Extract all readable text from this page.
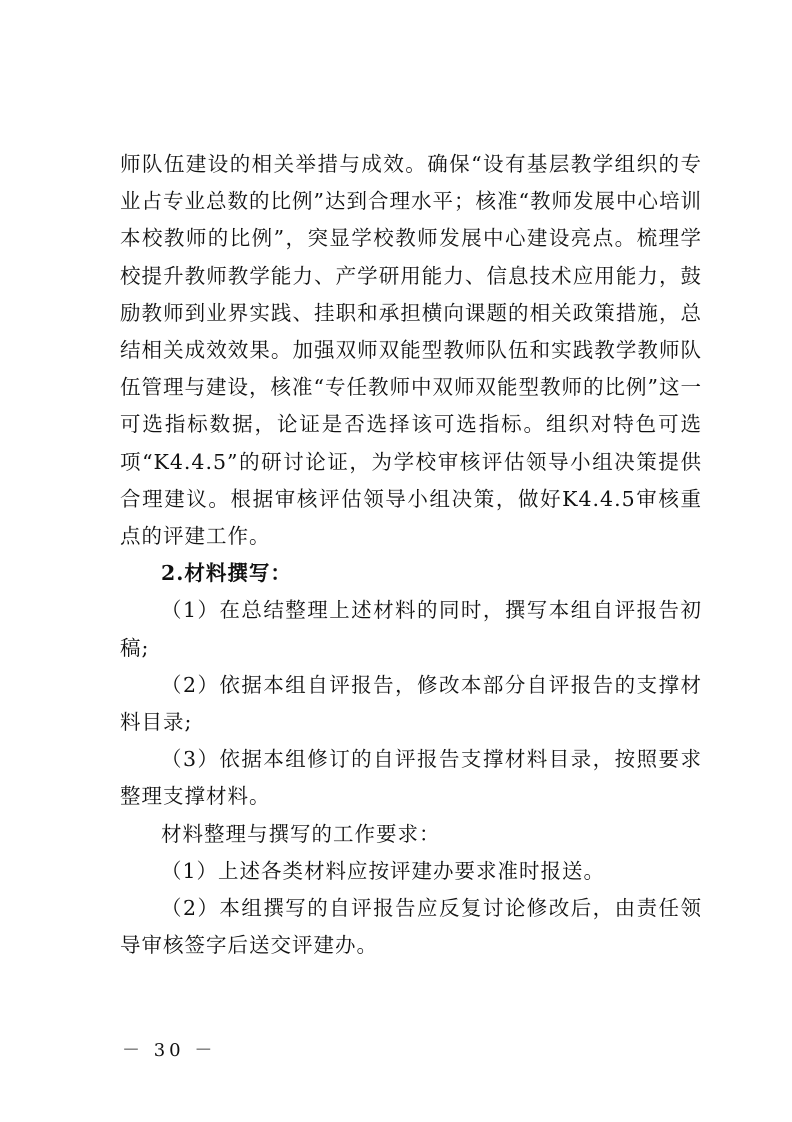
师队伍建设的相关举措与成效。确保“设有基层教学组织的专业占专业总数的比例”达到合理水平；核准“教师发展中心培训本校教师的比例”，突显学校教师发展中心建设亮点。梳理学校提升教师教学能力、产学研用能力、信息技术应用能力，鼓励教师到业界实践、挂职和承担横向课题的相关政策措施，总结相关成效效果。加强双师双能型教师队伍和实践教学教师队伍管理与建设，核准“专任教师中双师双能型教师的比例”这一可选指标数据，论证是否选择该可选指标。组织对特色可选项“K4.4.5”的研讨论证，为学校审核评估领导小组决策提供合理建议。根据审核评估领导小组决策，做好K4.4.5审核重点的评建工作。

2.材料撰写：

（1）在总结整理上述材料的同时，撰写本组自评报告初稿;

（2）依据本组自评报告，修改本部分自评报告的支撑材料目录;

（3）依据本组修订的自评报告支撑材料目录，按照要求整理支撑材料。

材料整理与撰写的工作要求：

（1）上述各类材料应按评建办要求准时报送。

（2）本组撰写的自评报告应反复讨论修改后，由责任领导审核签字后送交评建办。

－ 30 －
